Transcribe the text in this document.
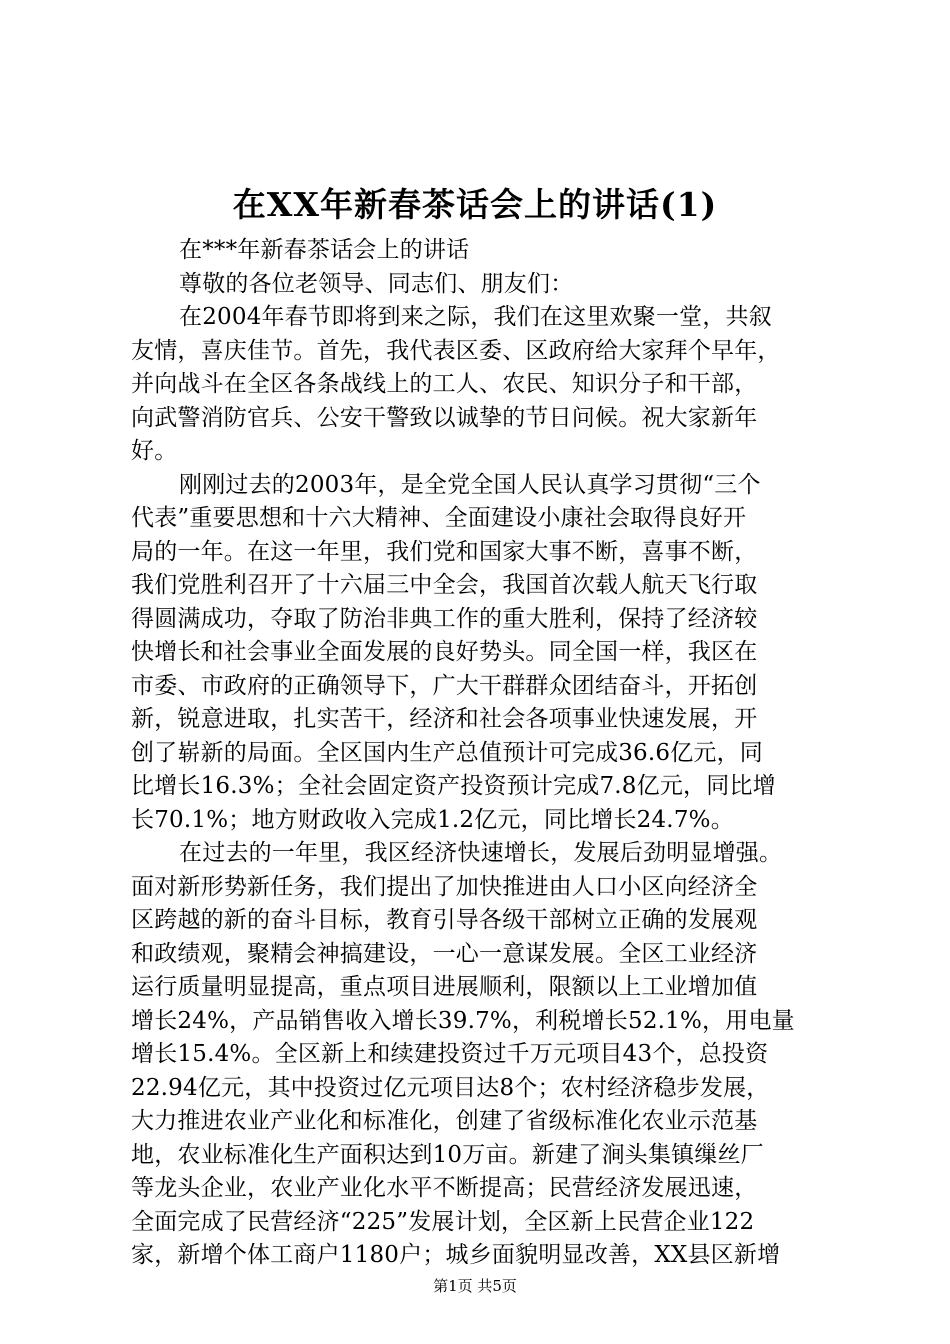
在XX年新春茶话会上的讲话(1)
在***年新春茶话会上的讲话
尊敬的各位老领导、同志们、朋友们：
在2004年春节即将到来之际，我们在这里欢聚一堂，共叙
友情，喜庆佳节。首先，我代表区委、区政府给大家拜个早年，
并向战斗在全区各条战线上的工人、农民、知识分子和干部，
向武警消防官兵、公安干警致以诚挚的节日问候。祝大家新年
好。
刚刚过去的2003年，是全党全国人民认真学习贯彻“三个
代表”重要思想和十六大精神、全面建设小康社会取得良好开
局的一年。在这一年里，我们党和国家大事不断，喜事不断，
我们党胜利召开了十六届三中全会，我国首次载人航天飞行取
得圆满成功，夺取了防治非典工作的重大胜利，保持了经济较
快增长和社会事业全面发展的良好势头。同全国一样，我区在
市委、市政府的正确领导下，广大干群群众团结奋斗，开拓创
新，锐意进取，扎实苦干，经济和社会各项事业快速发展，开
创了崭新的局面。全区国内生产总值预计可完成36.6亿元，同
比增长16.3%；全社会固定资产投资预计完成7.8亿元，同比增
长70.1%；地方财政收入完成1.2亿元，同比增长24.7%。
在过去的一年里，我区经济快速增长，发展后劲明显增强。
面对新形势新任务，我们提出了加快推进由人口小区向经济全
区跨越的新的奋斗目标，教育引导各级干部树立正确的发展观
和政绩观，聚精会神搞建设，一心一意谋发展。全区工业经济
运行质量明显提高，重点项目进展顺利，限额以上工业增加值
增长24%，产品销售收入增长39.7%，利税增长52.1%，用电量
增长15.4%。全区新上和续建投资过千万元项目43个，总投资
22.94亿元，其中投资过亿元项目达8个；农村经济稳步发展，
大力推进农业产业化和标准化，创建了省级标准化农业示范基
地，农业标准化生产面积达到10万亩。新建了涧头集镇缫丝厂
等龙头企业，农业产业化水平不断提高；民营经济发展迅速，
全面完成了民营经济“225”发展计划，全区新上民营企业122
家，新增个体工商户1180户；城乡面貌明显改善，XX县区新增
第1页 共5页
